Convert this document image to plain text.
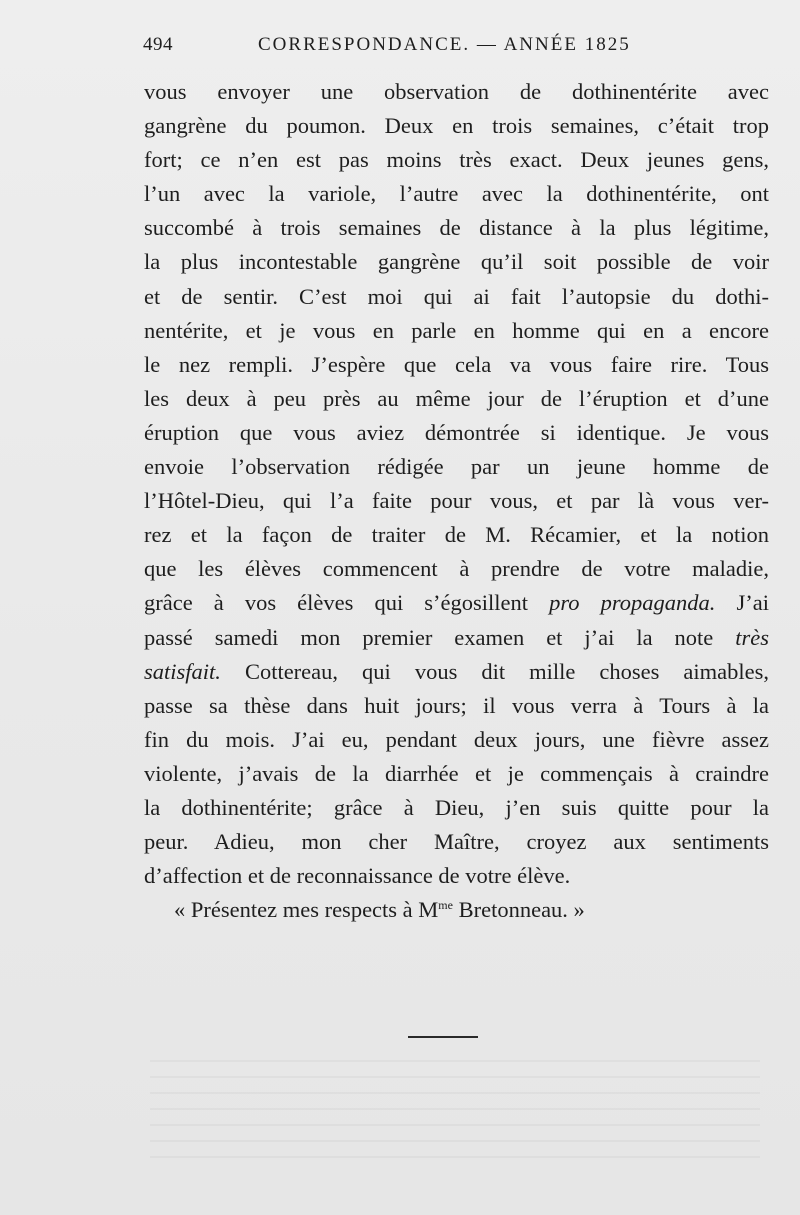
494	CORRESPONDANCE. — ANNÉE 1825
vous envoyer une observation de dothinentérite avec
gangrène du poumon. Deux en trois semaines, c’était trop
fort; ce n’en est pas moins très exact. Deux jeunes gens,
l’un avec la variole, l’autre avec la dothinentérite, ont
succombé à trois semaines de distance à la plus légitime,
la plus incontestable gangrène qu’il soit possible de voir
et de sentir. C’est moi qui ai fait l’autopsie du dothi-
nentérite, et je vous en parle en homme qui en a encore
le nez rempli. J’espère que cela va vous faire rire. Tous
les deux à peu près au même jour de l’éruption et d’une
éruption que vous aviez démontrée si identique. Je vous
envoie l’observation rédigée par un jeune homme de
l’Hôtel-Dieu, qui l’a faite pour vous, et par là vous ver-
rez et la façon de traiter de M. Récamier, et la notion
que les élèves commencent à prendre de votre maladie,
grâce à vos élèves qui s’égosillent pro propaganda. J’ai
passé samedi mon premier examen et j’ai la note très
satisfait. Cottereau, qui vous dit mille choses aimables,
passe sa thèse dans huit jours; il vous verra à Tours à la
fin du mois. J’ai eu, pendant deux jours, une fièvre assez
violente, j’avais de la diarrhée et je commençais à craindre
la dothinentérite; grâce à Dieu, j’en suis quitte pour la
peur. Adieu, mon cher Maître, croyez aux sentiments
d’affection et de reconnaissance de votre élève.
« Présentez mes respects à $M^{me}$ Bretonneau. »
